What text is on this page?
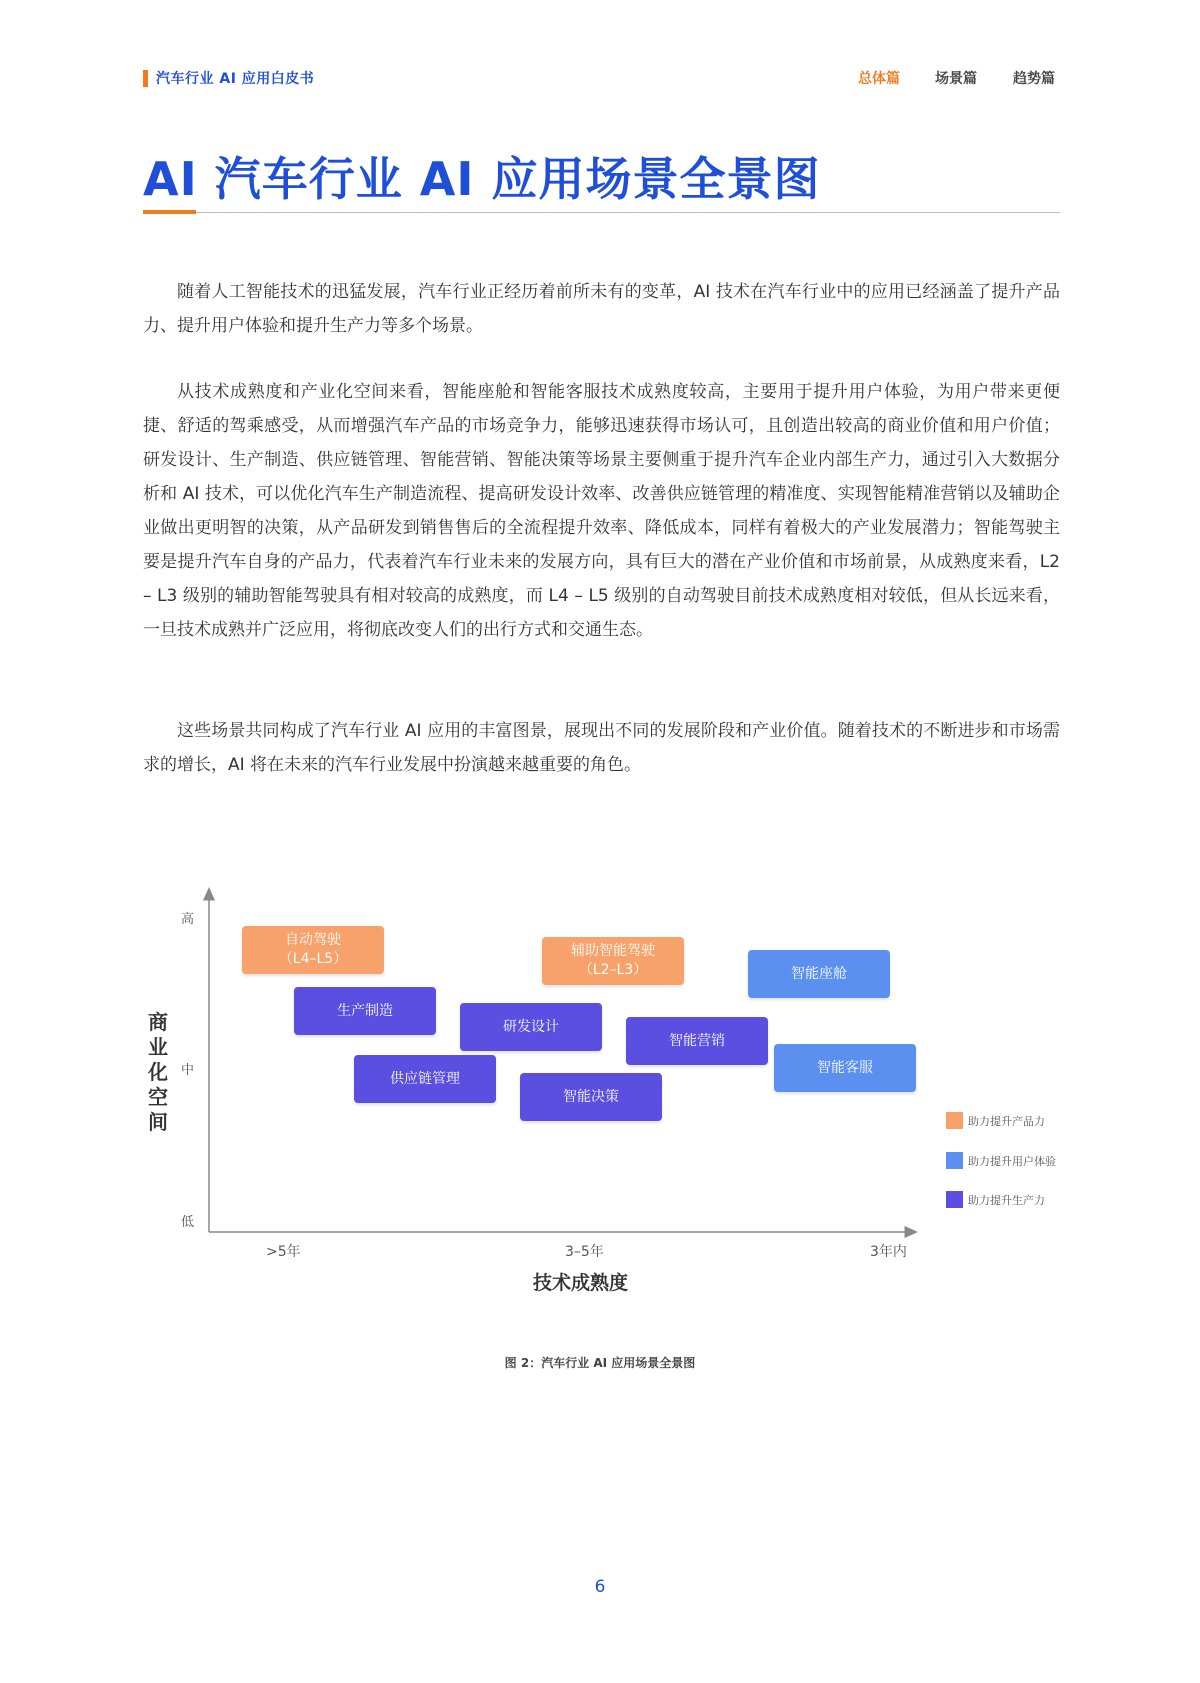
汽车行业 AI 应用白皮书	总体篇	场景篇	趋势篇
AI 汽车行业 AI 应用场景全景图

随着人工智能技术的迅猛发展，汽车行业正经历着前所未有的变革，AI 技术在汽车行业中的应用已经涵盖了提升产品力、提升用户体验和提升生产力等多个场景。

从技术成熟度和产业化空间来看，智能座舱和智能客服技术成熟度较高，主要用于提升用户体验，为用户带来更便捷、舒适的驾乘感受，从而增强汽车产品的市场竞争力，能够迅速获得市场认可，且创造出较高的商业价值和用户价值；研发设计、生产制造、供应链管理、智能营销、智能决策等场景主要侧重于提升汽车企业内部生产力，通过引入大数据分析和 AI 技术，可以优化汽车生产制造流程、提高研发设计效率、改善供应链管理的精准度、实现智能精准营销以及辅助企业做出更明智的决策，从产品研发到销售售后的全流程提升效率、降低成本，同样有着极大的产业发展潜力；智能驾驶主要是提升汽车自身的产品力，代表着汽车行业未来的发展方向，具有巨大的潜在产业价值和市场前景，从成熟度来看，L2 – L3 级别的辅助智能驾驶具有相对较高的成熟度，而 L4 – L5 级别的自动驾驶目前技术成熟度相对较低，但从长远来看，一旦技术成熟并广泛应用，将彻底改变人们的出行方式和交通生态。

这些场景共同构成了汽车行业 AI 应用的丰富图景，展现出不同的发展阶段和产业价值。随着技术的不断进步和市场需求的增长，AI 将在未来的汽车行业发展中扮演越来越重要的角色。

商
业
化
空
间
高
中
低
>5年	3–5年	3年内
技术成熟度
自动驾驶
（L4–L5）	辅助智能驾驶
（L2–L3）	智能座舱
生产制造
研发设计
智能营销
智能客服
供应链管理
智能决策
助力提升产品力
助力提升用户体验
助力提升生产力
图 2：汽车行业 AI 应用场景全景图
6
